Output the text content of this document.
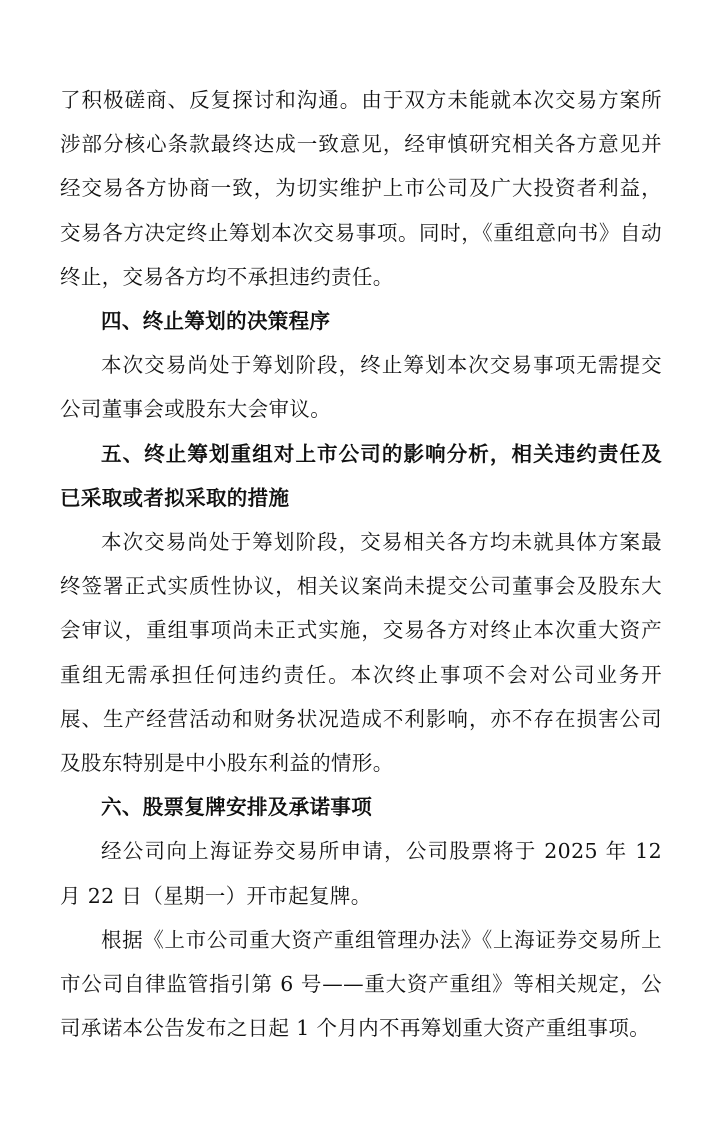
了积极磋商、反复探讨和沟通。由于双方未能就本次交易方案所涉部分核心条款最终达成一致意见，经审慎研究相关各方意见并经交易各方协商一致，为切实维护上市公司及广大投资者利益，交易各方决定终止筹划本次交易事项。同时，《重组意向书》自动终止，交易各方均不承担违约责任。

四、终止筹划的决策程序

本次交易尚处于筹划阶段，终止筹划本次交易事项无需提交公司董事会或股东大会审议。

五、终止筹划重组对上市公司的影响分析，相关违约责任及已采取或者拟采取的措施

本次交易尚处于筹划阶段，交易相关各方均未就具体方案最终签署正式实质性协议，相关议案尚未提交公司董事会及股东大会审议，重组事项尚未正式实施，交易各方对终止本次重大资产重组无需承担任何违约责任。本次终止事项不会对公司业务开展、生产经营活动和财务状况造成不利影响，亦不存在损害公司及股东特别是中小股东利益的情形。

六、股票复牌安排及承诺事项

经公司向上海证券交易所申请，公司股票将于 2025 年 12 月 22 日（星期一）开市起复牌。

根据《上市公司重大资产重组管理办法》《上海证券交易所上市公司自律监管指引第 6 号——重大资产重组》等相关规定，公司承诺本公告发布之日起 1 个月内不再筹划重大资产重组事项。
